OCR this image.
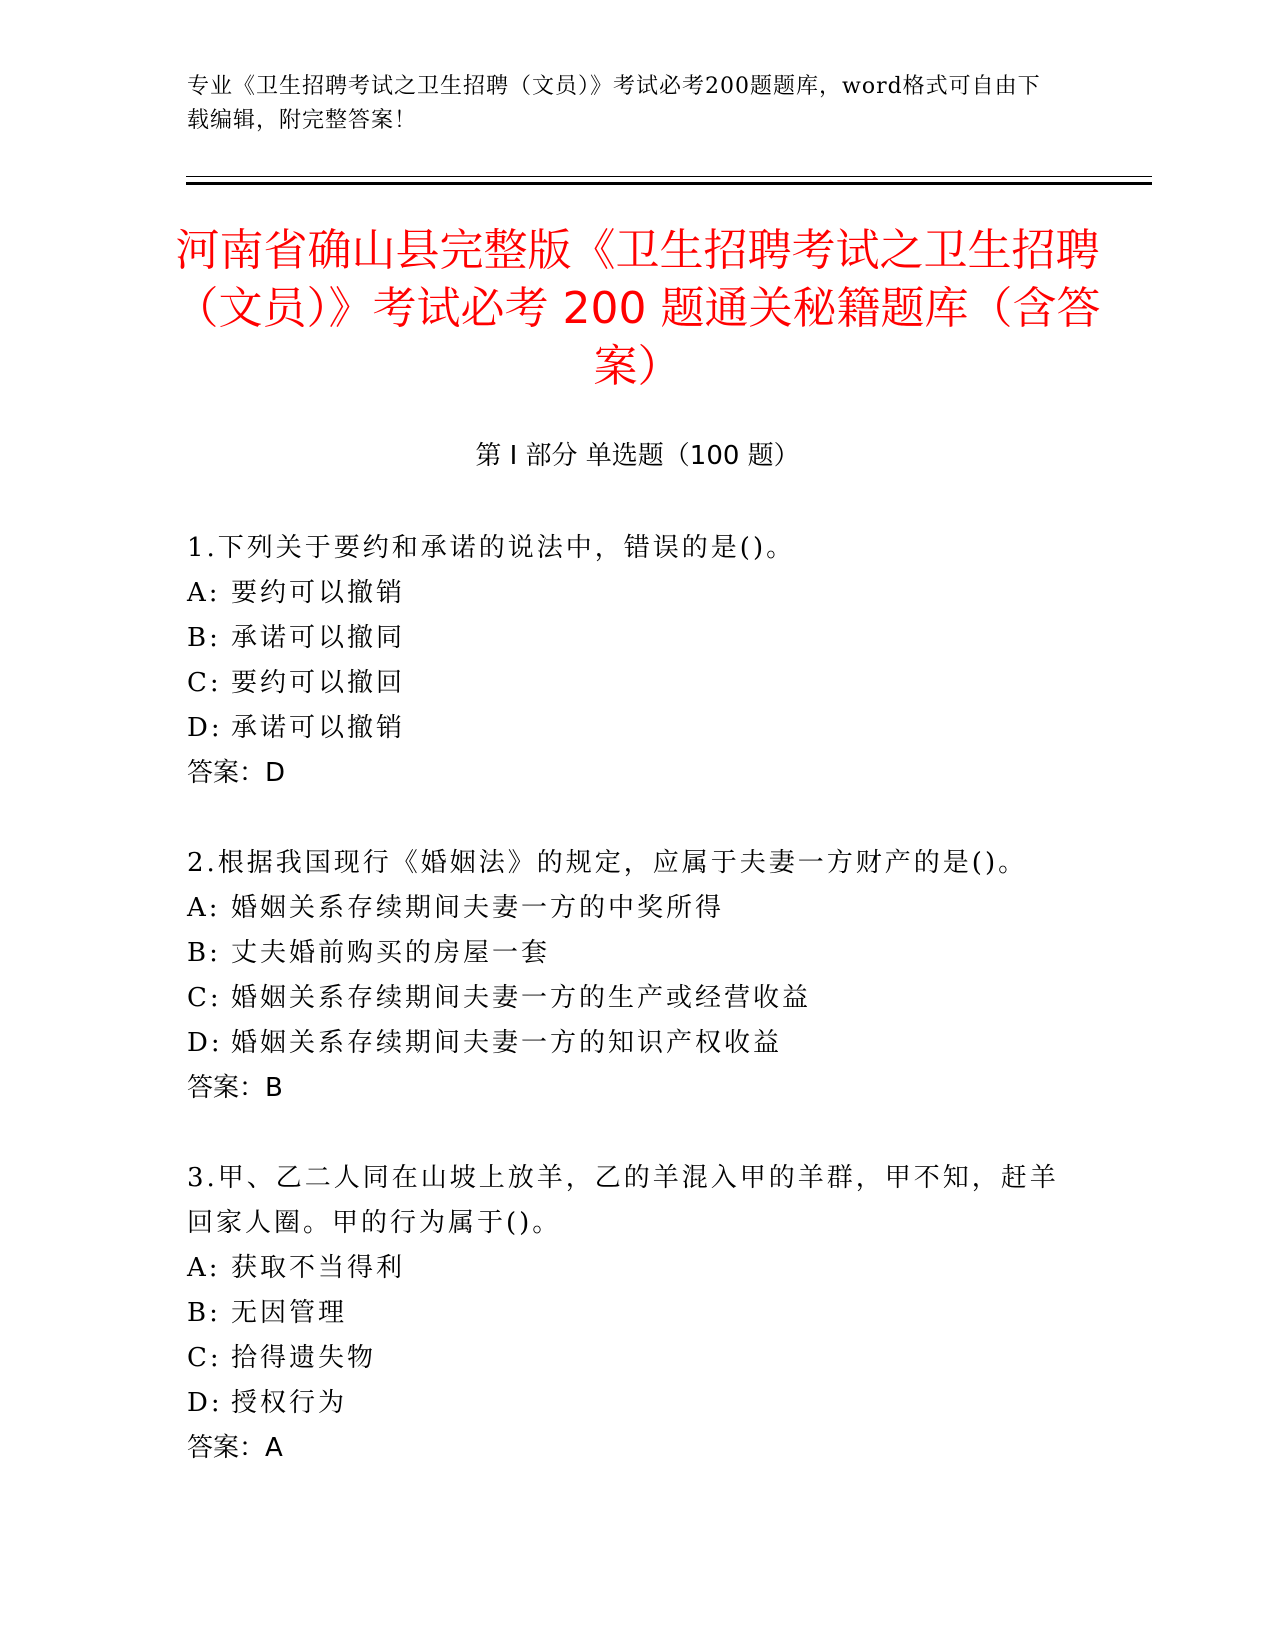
专业《卫生招聘考试之卫生招聘（文员）》考试必考200题题库，word格式可自由下载编辑，附完整答案！
河南省确山县完整版《卫生招聘考试之卫生招聘（文员）》考试必考 200 题通关秘籍题库（含答案）
第 I 部分 单选题（100 题）
1.下列关于要约和承诺的说法中，错误的是()。
A: 要约可以撤销
B: 承诺可以撤同
C: 要约可以撤回
D: 承诺可以撤销
答案：D
2.根据我国现行《婚姻法》的规定，应属于夫妻一方财产的是()。
A: 婚姻关系存续期间夫妻一方的中奖所得
B: 丈夫婚前购买的房屋一套
C: 婚姻关系存续期间夫妻一方的生产或经营收益
D: 婚姻关系存续期间夫妻一方的知识产权收益
答案：B
3.甲、乙二人同在山坡上放羊，乙的羊混入甲的羊群，甲不知，赶羊回家人圈。甲的行为属于()。
A: 获取不当得利
B: 无因管理
C: 拾得遗失物
D: 授权行为
答案：A
